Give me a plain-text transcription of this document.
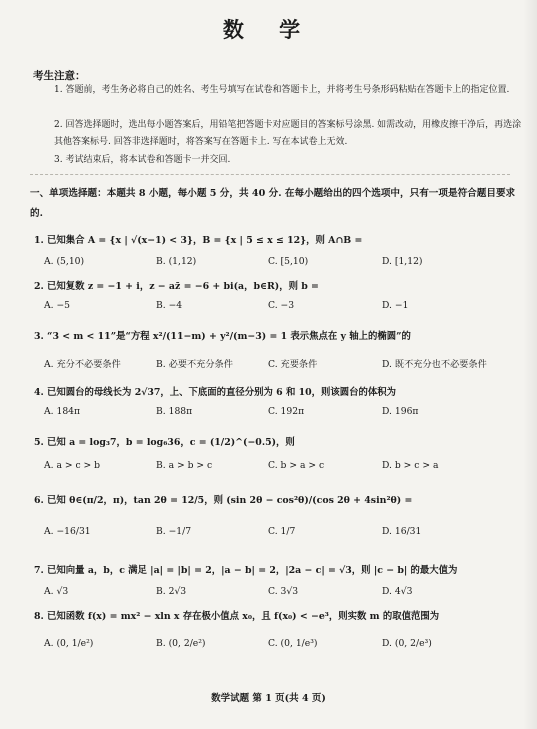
数 学
考生注意：
1. 答题前，考生务必将自己的姓名、考生号填写在试卷和答题卡上，并将考生号条形码粘贴在答题卡上的指定位置.
2. 回答选择题时，选出每小题答案后，用铅笔把答题卡对应题目的答案标号涂黑. 如需改动，用橡皮擦干净后，再选涂其他答案标号. 回答非选择题时，将答案写在答题卡上. 写在本试卷上无效.
3. 考试结束后，将本试卷和答题卡一并交回.
一、单项选择题：本题共 8 小题，每小题 5 分，共 40 分. 在每小题给出的四个选项中，只有一项是符合题目要求的.
1. 已知集合 A = {x | √(x−1) < 3}，B = {x | 5 ≤ x ≤ 12}，则 A∩B =
A. (5,10)	B. (1,12)	C. [5,10)	D. [1,12)
2. 已知复数 z = −1 + i，z − az̄ = −6 + bi(a，b∈R)，则 b =
A. −5	B. −4	C. −3	D. −1
3. “3 < m < 11”是“方程 x²/(11−m) + y²/(m−3) = 1 表示焦点在 y 轴上的椭圆”的
A. 充分不必要条件	B. 必要不充分条件	C. 充要条件	D. 既不充分也不必要条件
4. 已知圆台的母线长为 2√37，上、下底面的直径分别为 6 和 10，则该圆台的体积为
A. 184π	B. 188π	C. 192π	D. 196π
5. 已知 a = log₃7，b = log₆36，c = (1/2)^(−0.5)，则
A. a > c > b	B. a > b > c	C. b > a > c	D. b > c > a
6. 已知 θ∈(π/2，π)，tan 2θ = 12/5，则 (sin 2θ − cos²θ)/(cos 2θ + 4sin²θ) =
A. −16/31	B. −1/7	C. 1/7	D. 16/31
7. 已知向量 a，b，c 满足 |a| = |b| = 2，|a − b| = 2，|2a − c| = √3，则 |c − b| 的最大值为
A. √3	B. 2√3	C. 3√3	D. 4√3
8. 已知函数 f(x) = mx² − xln x 存在极小值点 x₀，且 f(x₀) < −e³，则实数 m 的取值范围为
A. (0, 1/e²)	B. (0, 2/e²)	C. (0, 1/e³)	D. (0, 2/e³)
数学试题 第 1 页(共 4 页)
